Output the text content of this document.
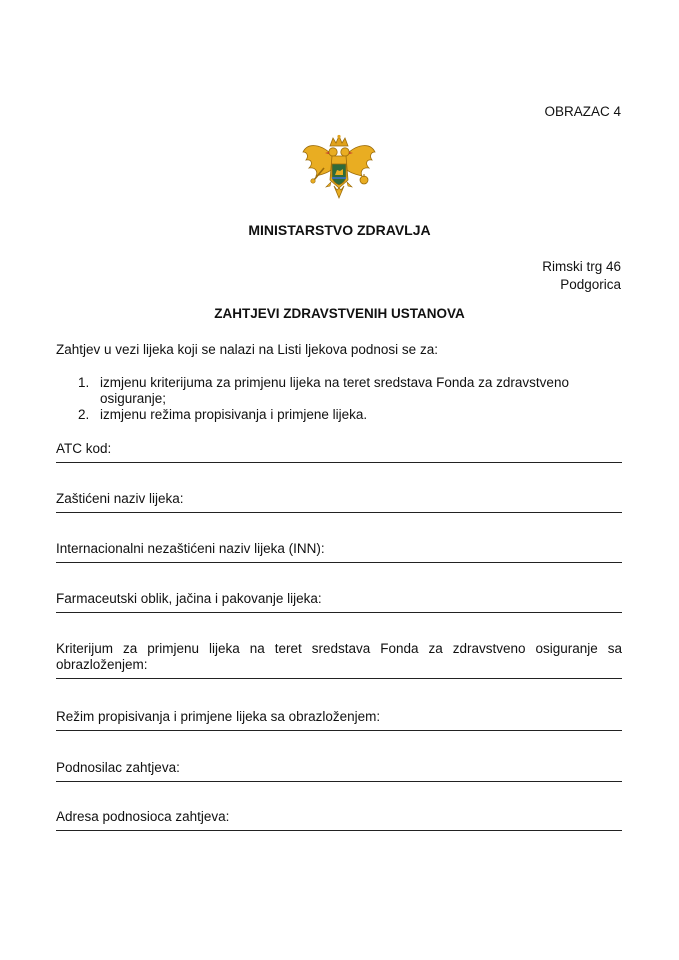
OBRAZAC 4
MINISTARSTVO ZDRAVLJA
Rimski trg 46
Podgorica
ZAHTJEVI ZDRAVSTVENIH USTANOVA
Zahtjev u vezi lijeka koji se nalazi na Listi ljekova podnosi se za:
1. izmjenu kriterijuma za primjenu lijeka na teret sredstava Fonda za zdravstveno osiguranje;
2. izmjenu režima propisivanja i primjene lijeka.
ATC kod:
Zaštićeni naziv lijeka:
Internacionalni nezaštićeni naziv lijeka (INN):
Farmaceutski oblik, jačina i pakovanje lijeka:
Kriterijum za primjenu lijeka na teret sredstava Fonda za zdravstveno osiguranje sa obrazloženjem:
Režim propisivanja i primjene lijeka sa obrazloženjem:
Podnosilac zahtjeva:
Adresa podnosioca zahtjeva:
